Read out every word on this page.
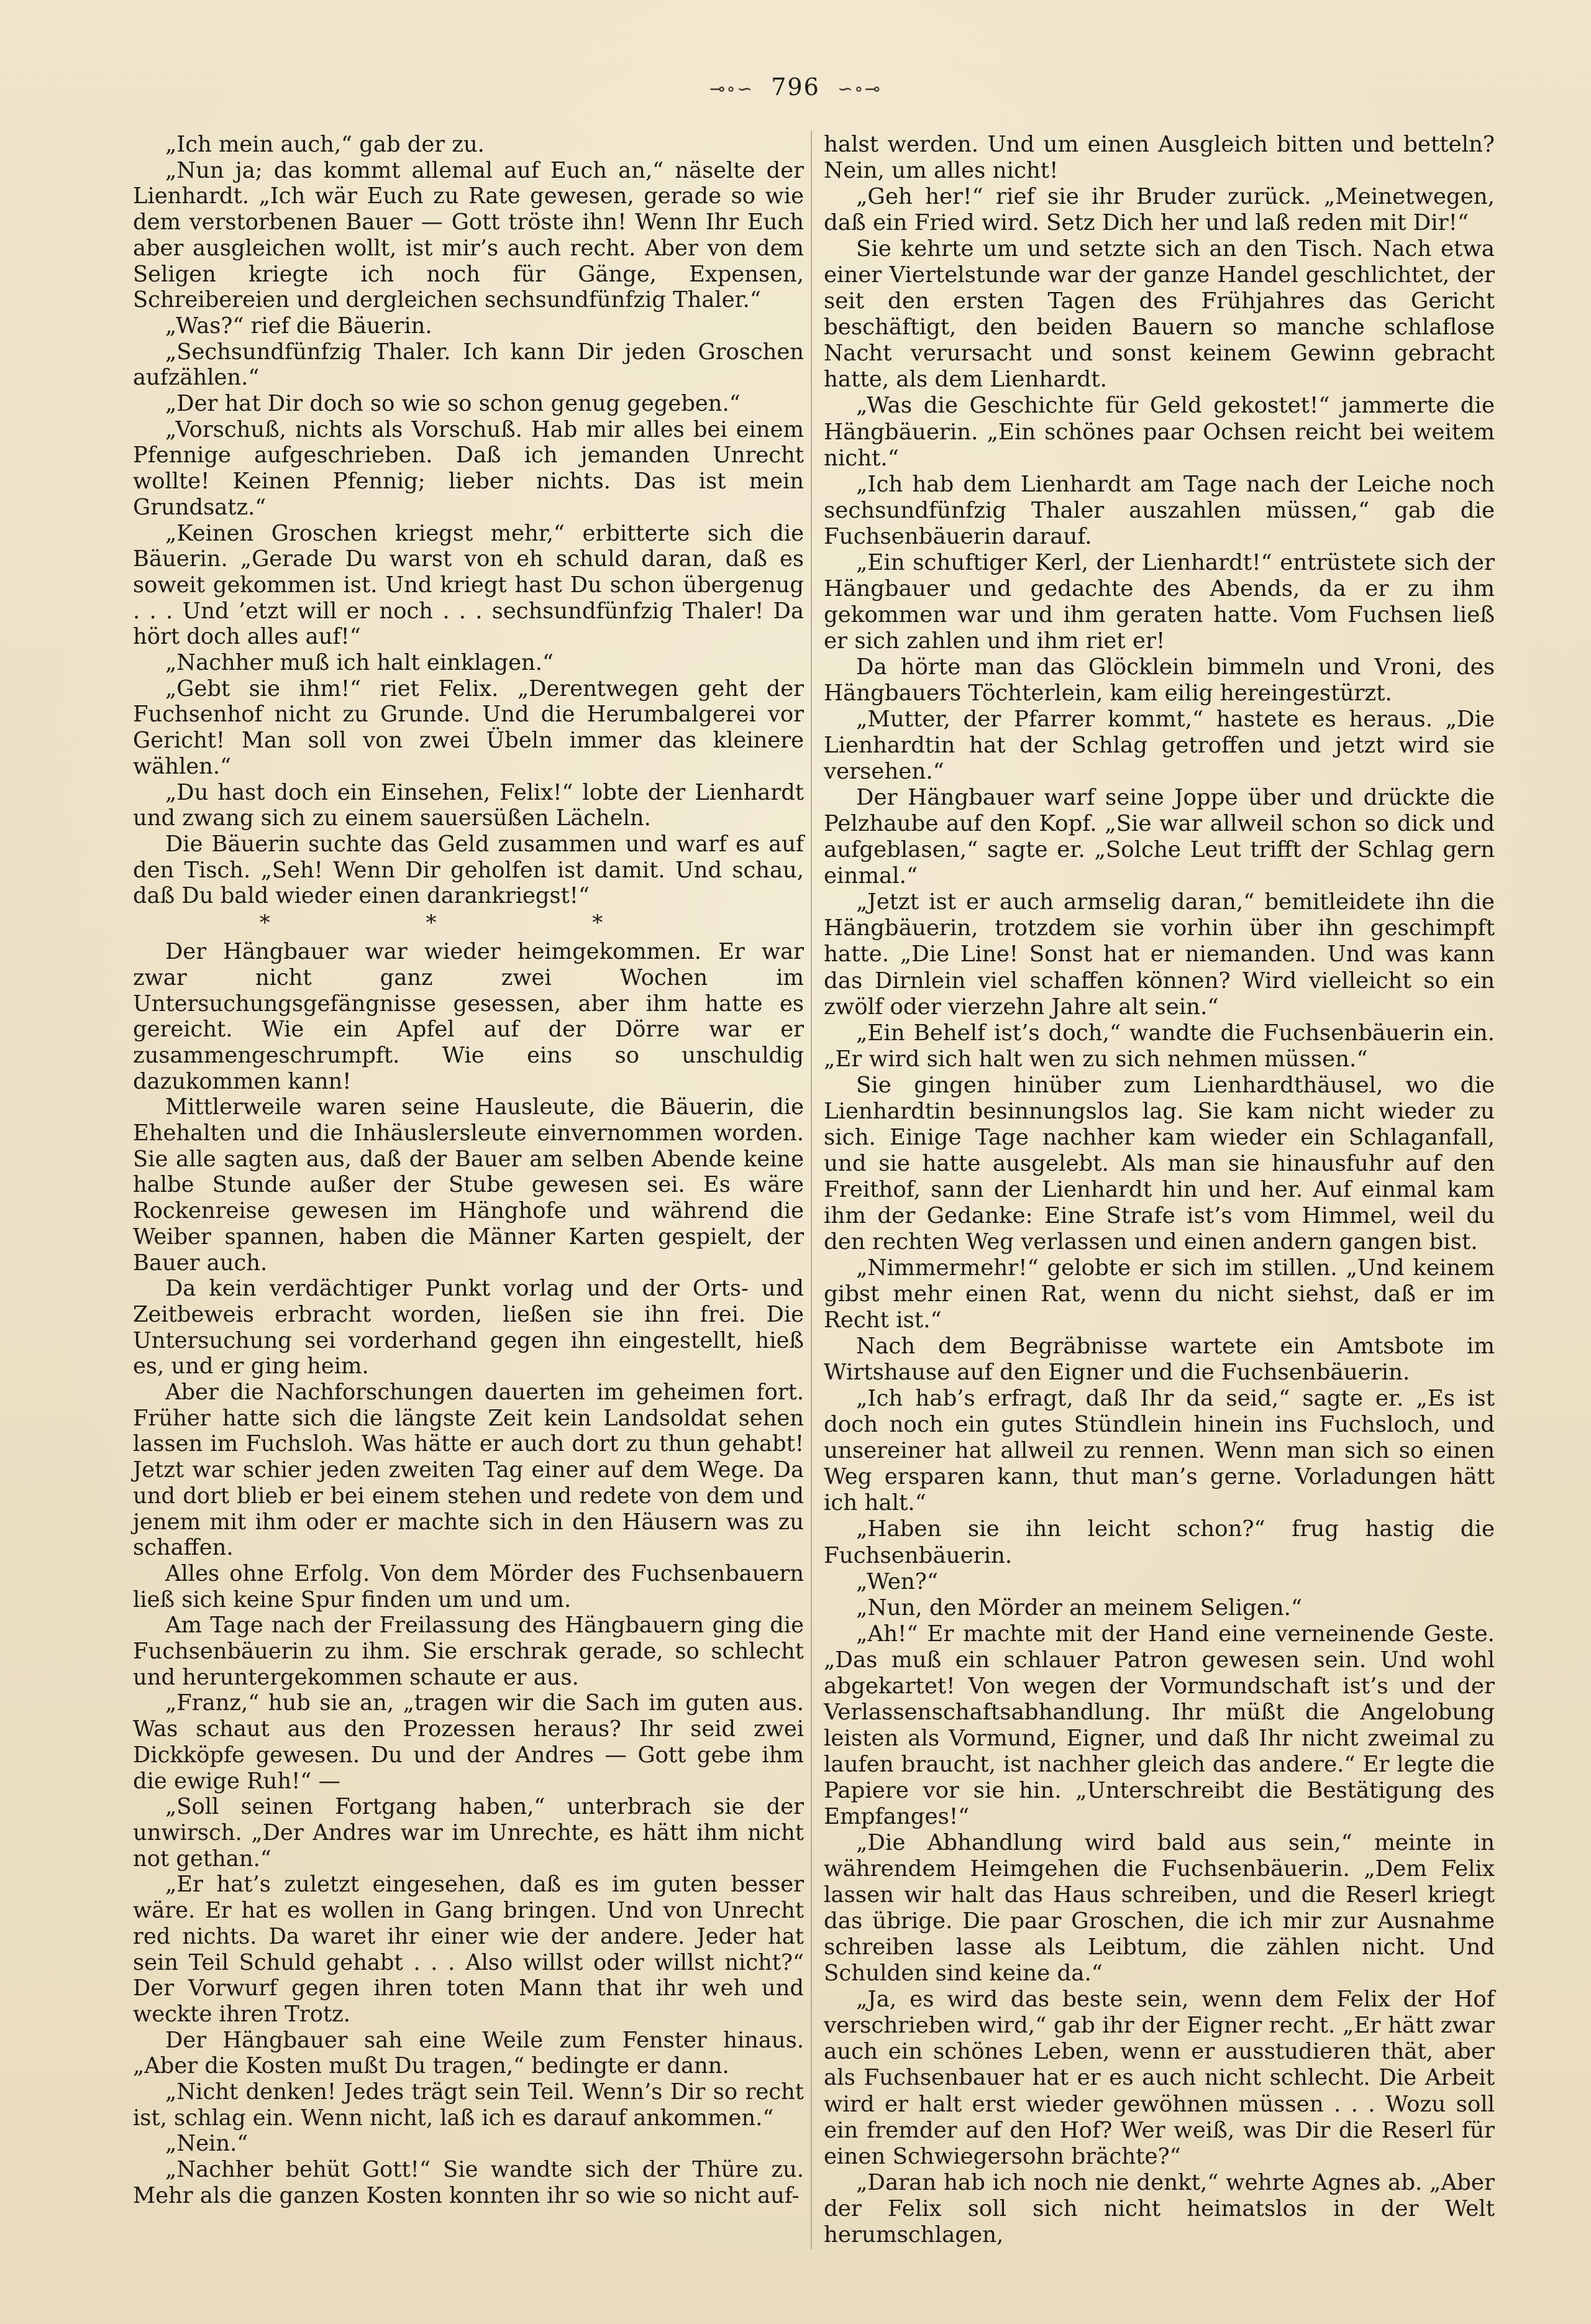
⊸∘∽ 796 ∽∘⊸

„Ich mein auch,“ gab der zu.

„Nun ja; das kommt allemal auf Euch an,“ näselte der Lienhardt. „Ich wär Euch zu Rate gewesen, gerade so wie dem verstorbenen Bauer — Gott tröste ihn! Wenn Ihr Euch aber ausgleichen wollt, ist mir’s auch recht. Aber von dem Seligen kriegte ich noch für Gänge, Expensen, Schreibereien und dergleichen sechsundfünfzig Thaler.“

„Was?“ rief die Bäuerin.

„Sechsundfünfzig Thaler. Ich kann Dir jeden Groschen aufzählen.“

„Der hat Dir doch so wie so schon genug gegeben.“

„Vorschuß, nichts als Vorschuß. Hab mir alles bei einem Pfennige aufgeschrieben. Daß ich jemanden Unrecht wollte! Keinen Pfennig; lieber nichts. Das ist mein Grundsatz.“

„Keinen Groschen kriegst mehr,“ erbitterte sich die Bäuerin. „Gerade Du warst von eh schuld daran, daß es soweit gekommen ist. Und kriegt hast Du schon übergenug . . . Und ’etzt will er noch . . . sechsundfünfzig Thaler! Da hört doch alles auf!“

„Nachher muß ich halt einklagen.“

„Gebt sie ihm!“ riet Felix. „Derentwegen geht der Fuchsenhof nicht zu Grunde. Und die Herumbalgerei vor Gericht! Man soll von zwei Übeln immer das kleinere wählen.“

„Du hast doch ein Einsehen, Felix!“ lobte der Lienhardt und zwang sich zu einem sauersüßen Lächeln.

Die Bäuerin suchte das Geld zusammen und warf es auf den Tisch. „Seh! Wenn Dir geholfen ist damit. Und schau, daß Du bald wieder einen darankriegst!“

* * *

Der Hängbauer war wieder heimgekommen. Er war zwar nicht ganz zwei Wochen im Untersuchungsgefängnisse gesessen, aber ihm hatte es gereicht. Wie ein Apfel auf der Dörre war er zusammengeschrumpft. Wie eins so unschuldig dazukommen kann!

Mittlerweile waren seine Hausleute, die Bäuerin, die Ehehalten und die Inhäuslersleute einvernommen worden. Sie alle sagten aus, daß der Bauer am selben Abende keine halbe Stunde außer der Stube gewesen sei. Es wäre Rockenreise gewesen im Hänghofe und während die Weiber spannen, haben die Männer Karten gespielt, der Bauer auch.

Da kein verdächtiger Punkt vorlag und der Orts- und Zeitbeweis erbracht worden, ließen sie ihn frei. Die Untersuchung sei vorderhand gegen ihn eingestellt, hieß es, und er ging heim.

Aber die Nachforschungen dauerten im geheimen fort. Früher hatte sich die längste Zeit kein Landsoldat sehen lassen im Fuchsloh. Was hätte er auch dort zu thun gehabt! Jetzt war schier jeden zweiten Tag einer auf dem Wege. Da und dort blieb er bei einem stehen und redete von dem und jenem mit ihm oder er machte sich in den Häusern was zu schaffen.

Alles ohne Erfolg. Von dem Mörder des Fuchsenbauern ließ sich keine Spur finden um und um.

Am Tage nach der Freilassung des Hängbauern ging die Fuchsenbäuerin zu ihm. Sie erschrak gerade, so schlecht und heruntergekommen schaute er aus.

„Franz,“ hub sie an, „tragen wir die Sach im guten aus. Was schaut aus den Prozessen heraus? Ihr seid zwei Dickköpfe gewesen. Du und der Andres — Gott gebe ihm die ewige Ruh!“ —

„Soll seinen Fortgang haben,“ unterbrach sie der unwirsch. „Der Andres war im Unrechte, es hätt ihm nicht not gethan.“

„Er hat’s zuletzt eingesehen, daß es im guten besser wäre. Er hat es wollen in Gang bringen. Und von Unrecht red nichts. Da waret ihr einer wie der andere. Jeder hat sein Teil Schuld gehabt . . . Also willst oder willst nicht?“ Der Vorwurf gegen ihren toten Mann that ihr weh und weckte ihren Trotz.

Der Hängbauer sah eine Weile zum Fenster hinaus. „Aber die Kosten mußt Du tragen,“ bedingte er dann.

„Nicht denken! Jedes trägt sein Teil. Wenn’s Dir so recht ist, schlag ein. Wenn nicht, laß ich es darauf ankommen.“

„Nein.“

„Nachher behüt Gott!“ Sie wandte sich der Thüre zu. Mehr als die ganzen Kosten konnten ihr so wie so nicht auf-

halst werden. Und um einen Ausgleich bitten und betteln? Nein, um alles nicht!

„Geh her!“ rief sie ihr Bruder zurück. „Meinetwegen, daß ein Fried wird. Setz Dich her und laß reden mit Dir!“

Sie kehrte um und setzte sich an den Tisch. Nach etwa einer Viertelstunde war der ganze Handel geschlichtet, der seit den ersten Tagen des Frühjahres das Gericht beschäftigt, den beiden Bauern so manche schlaflose Nacht verursacht und sonst keinem Gewinn gebracht hatte, als dem Lienhardt.

„Was die Geschichte für Geld gekostet!“ jammerte die Hängbäuerin. „Ein schönes paar Ochsen reicht bei weitem nicht.“

„Ich hab dem Lienhardt am Tage nach der Leiche noch sechsundfünfzig Thaler auszahlen müssen,“ gab die Fuchsenbäuerin darauf.

„Ein schuftiger Kerl, der Lienhardt!“ entrüstete sich der Hängbauer und gedachte des Abends, da er zu ihm gekommen war und ihm geraten hatte. Vom Fuchsen ließ er sich zahlen und ihm riet er!

Da hörte man das Glöcklein bimmeln und Vroni, des Hängbauers Töchterlein, kam eilig hereingestürzt.

„Mutter, der Pfarrer kommt,“ hastete es heraus. „Die Lienhardtin hat der Schlag getroffen und jetzt wird sie versehen.“

Der Hängbauer warf seine Joppe über und drückte die Pelzhaube auf den Kopf. „Sie war allweil schon so dick und aufgeblasen,“ sagte er. „Solche Leut trifft der Schlag gern einmal.“

„Jetzt ist er auch armselig daran,“ bemitleidete ihn die Hängbäuerin, trotzdem sie vorhin über ihn geschimpft hatte. „Die Line! Sonst hat er niemanden. Und was kann das Dirnlein viel schaffen können? Wird vielleicht so ein zwölf oder vierzehn Jahre alt sein.“

„Ein Behelf ist’s doch,“ wandte die Fuchsenbäuerin ein. „Er wird sich halt wen zu sich nehmen müssen.“

Sie gingen hinüber zum Lienhardthäusel, wo die Lienhardtin besinnungslos lag. Sie kam nicht wieder zu sich. Einige Tage nachher kam wieder ein Schlaganfall, und sie hatte ausgelebt. Als man sie hinausfuhr auf den Freithof, sann der Lienhardt hin und her. Auf einmal kam ihm der Gedanke: Eine Strafe ist’s vom Himmel, weil du den rechten Weg verlassen und einen andern gangen bist.

„Nimmermehr!“ gelobte er sich im stillen. „Und keinem gibst mehr einen Rat, wenn du nicht siehst, daß er im Recht ist.“

Nach dem Begräbnisse wartete ein Amtsbote im Wirtshause auf den Eigner und die Fuchsenbäuerin.

„Ich hab’s erfragt, daß Ihr da seid,“ sagte er. „Es ist doch noch ein gutes Stündlein hinein ins Fuchsloch, und unsereiner hat allweil zu rennen. Wenn man sich so einen Weg ersparen kann, thut man’s gerne. Vorladungen hätt ich halt.“

„Haben sie ihn leicht schon?“ frug hastig die Fuchsenbäuerin.

„Wen?“

„Nun, den Mörder an meinem Seligen.“

„Ah!“ Er machte mit der Hand eine verneinende Geste. „Das muß ein schlauer Patron gewesen sein. Und wohl abgekartet! Von wegen der Vormundschaft ist’s und der Verlassenschaftsabhandlung. Ihr müßt die Angelobung leisten als Vormund, Eigner, und daß Ihr nicht zweimal zu laufen braucht, ist nachher gleich das andere.“ Er legte die Papiere vor sie hin. „Unterschreibt die Bestätigung des Empfanges!“

„Die Abhandlung wird bald aus sein,“ meinte in währendem Heimgehen die Fuchsenbäuerin. „Dem Felix lassen wir halt das Haus schreiben, und die Reserl kriegt das übrige. Die paar Groschen, die ich mir zur Ausnahme schreiben lasse als Leibtum, die zählen nicht. Und Schulden sind keine da.“

„Ja, es wird das beste sein, wenn dem Felix der Hof verschrieben wird,“ gab ihr der Eigner recht. „Er hätt zwar auch ein schönes Leben, wenn er ausstudieren thät, aber als Fuchsenbauer hat er es auch nicht schlecht. Die Arbeit wird er halt erst wieder gewöhnen müssen . . . Wozu soll ein fremder auf den Hof? Wer weiß, was Dir die Reserl für einen Schwiegersohn brächte?“

„Daran hab ich noch nie denkt,“ wehrte Agnes ab. „Aber der Felix soll sich nicht heimatslos in der Welt herumschlagen,
